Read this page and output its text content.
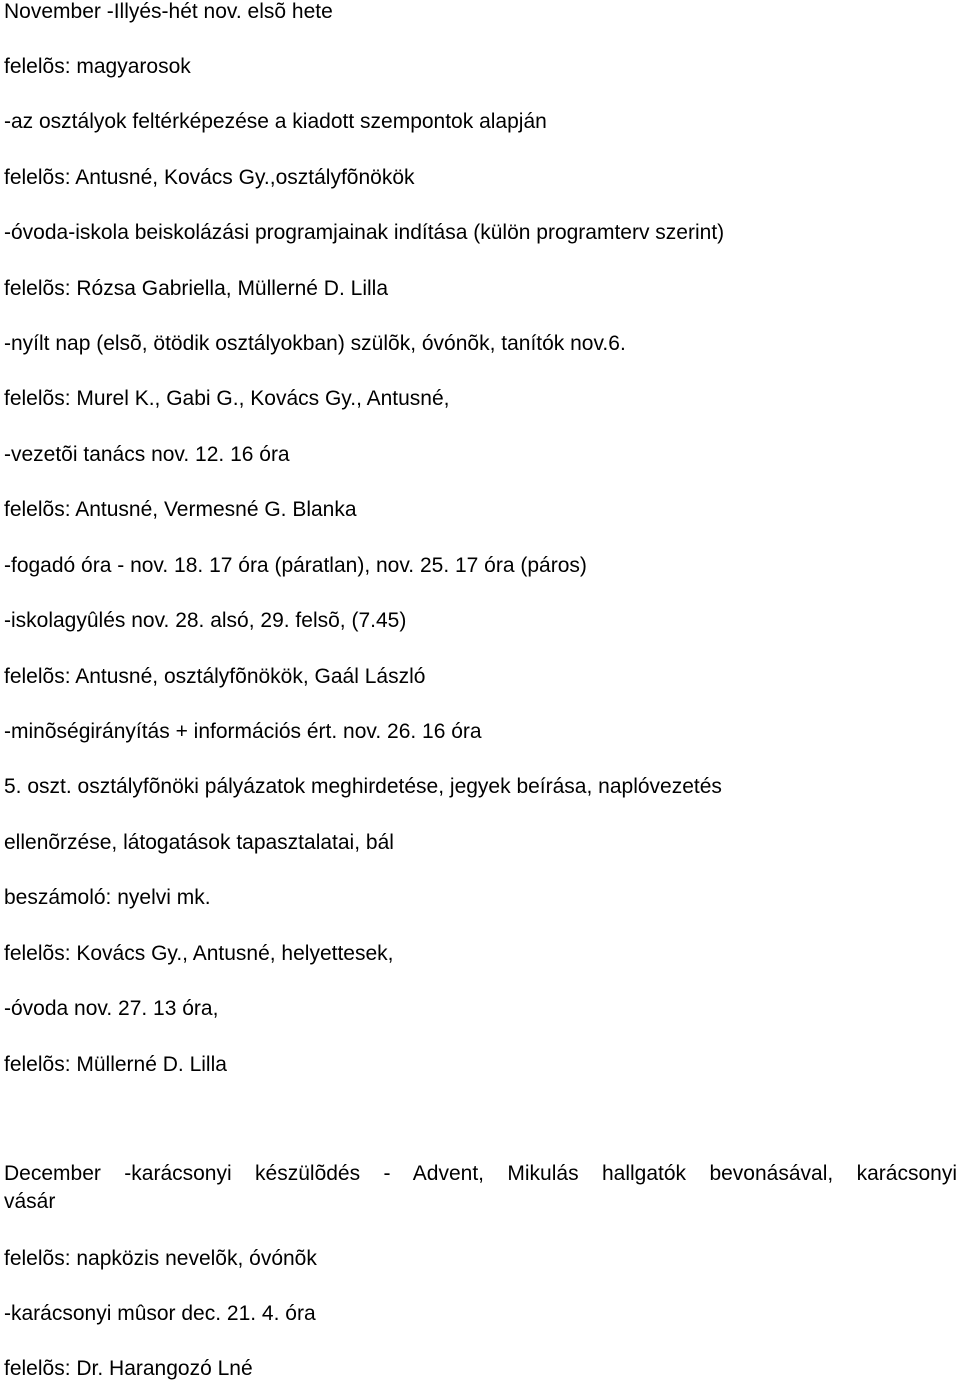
November -Illyés-hét nov. elsõ hete
felelõs: magyarosok
-az osztályok feltérképezése a kiadott szempontok alapján
felelõs: Antusné, Kovács Gy.,osztályfõnökök
-óvoda-iskola beiskolázási programjainak indítása (külön programterv szerint)
felelõs: Rózsa Gabriella, Müllerné D. Lilla
-nyílt nap (elsõ, ötödik osztályokban) szülõk, óvónõk, tanítók nov.6.
felelõs: Murel K., Gabi G., Kovács Gy., Antusné,
-vezetõi tanács nov. 12. 16 óra
felelõs: Antusné, Vermesné G. Blanka
-fogadó óra - nov. 18. 17 óra (páratlan), nov. 25. 17 óra (páros)
-iskolagyûlés nov. 28. alsó, 29. felsõ, (7.45)
felelõs: Antusné, osztályfõnökök, Gaál László
-minõségirányítás + információs ért. nov. 26. 16 óra
5. oszt. osztályfõnöki pályázatok meghirdetése, jegyek beírása, naplóvezetés
ellenõrzése, látogatások tapasztalatai, bál
beszámoló: nyelvi mk.
felelõs: Kovács Gy., Antusné, helyettesek,
-óvoda nov. 27. 13 óra,
felelõs: Müllerné D. Lilla
December -karácsonyi készülõdés - Advent, Mikulás hallgatók bevonásával, karácsonyi
vásár
felelõs: napközis nevelõk, óvónõk
-karácsonyi mûsor dec. 21. 4. óra
felelõs: Dr. Harangozó Lné
